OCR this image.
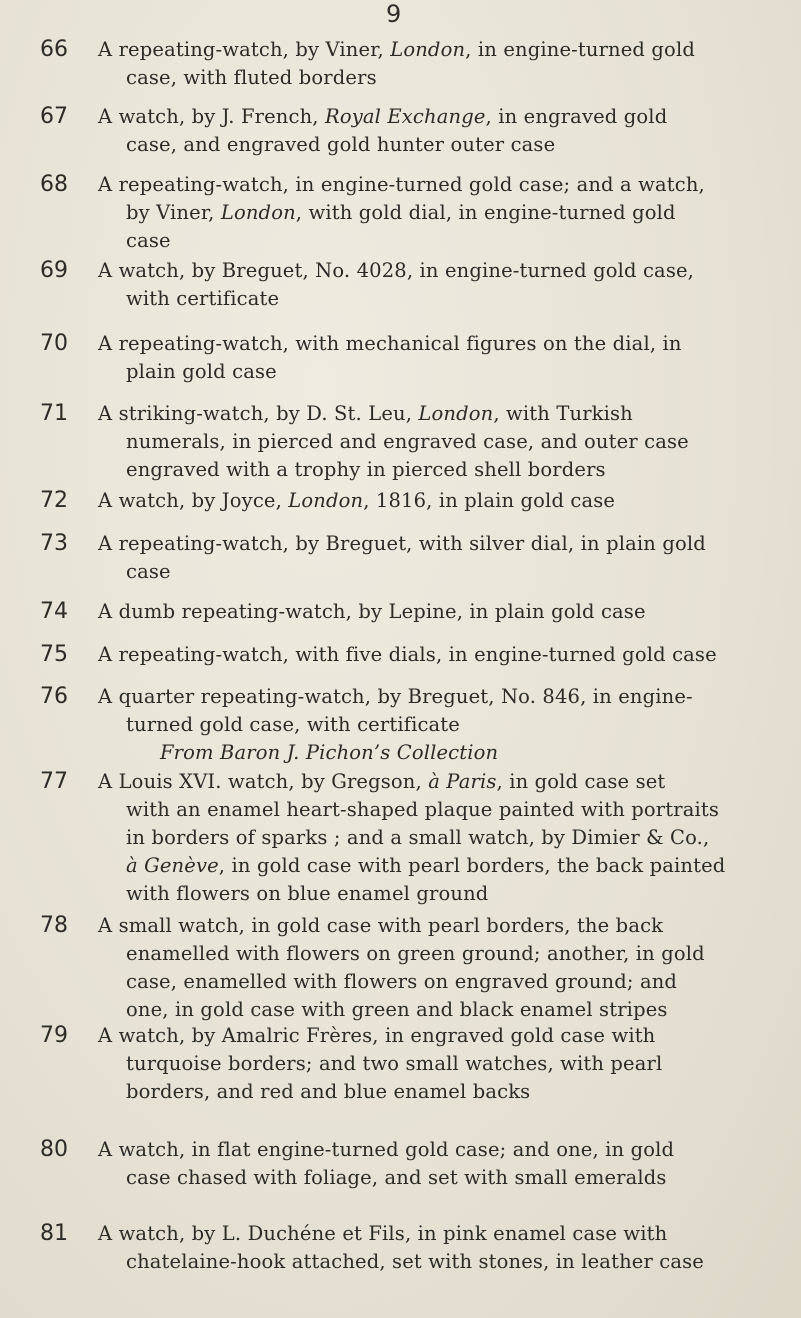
9
66 A repeating-watch, by Viner, London, in engine-turned gold
case, with fluted borders
67 A watch, by J. French, Royal Exchange, in engraved gold
case, and engraved gold hunter outer case
68 A repeating-watch, in engine-turned gold case; and a watch,
by Viner, London, with gold dial, in engine-turned gold
case
69 A watch, by Breguet, No. 4028, in engine-turned gold case,
with certificate
70 A repeating-watch, with mechanical figures on the dial, in
plain gold case
71 A striking-watch, by D. St. Leu, London, with Turkish
numerals, in pierced and engraved case, and outer case
engraved with a trophy in pierced shell borders
72 A watch, by Joyce, London, 1816, in plain gold case
73 A repeating-watch, by Breguet, with silver dial, in plain gold
case
74 A dumb repeating-watch, by Lepine, in plain gold case
75 A repeating-watch, with five dials, in engine-turned gold case
76 A quarter repeating-watch, by Breguet, No. 846, in engine-
turned gold case, with certificate
From Baron J. Pichon’s Collection
77 A Louis XVI. watch, by Gregson, à Paris, in gold case set
with an enamel heart-shaped plaque painted with portraits
in borders of sparks ; and a small watch, by Dimier & Co.,
à Genève, in gold case with pearl borders, the back painted
with flowers on blue enamel ground
78 A small watch, in gold case with pearl borders, the back
enamelled with flowers on green ground; another, in gold
case, enamelled with flowers on engraved ground; and
one, in gold case with green and black enamel stripes
79 A watch, by Amalric Frères, in engraved gold case with
turquoise borders; and two small watches, with pearl
borders, and red and blue enamel backs
80 A watch, in flat engine-turned gold case; and one, in gold
case chased with foliage, and set with small emeralds
81 A watch, by L. Duchéne et Fils, in pink enamel case with
chatelaine-hook attached, set with stones, in leather case
